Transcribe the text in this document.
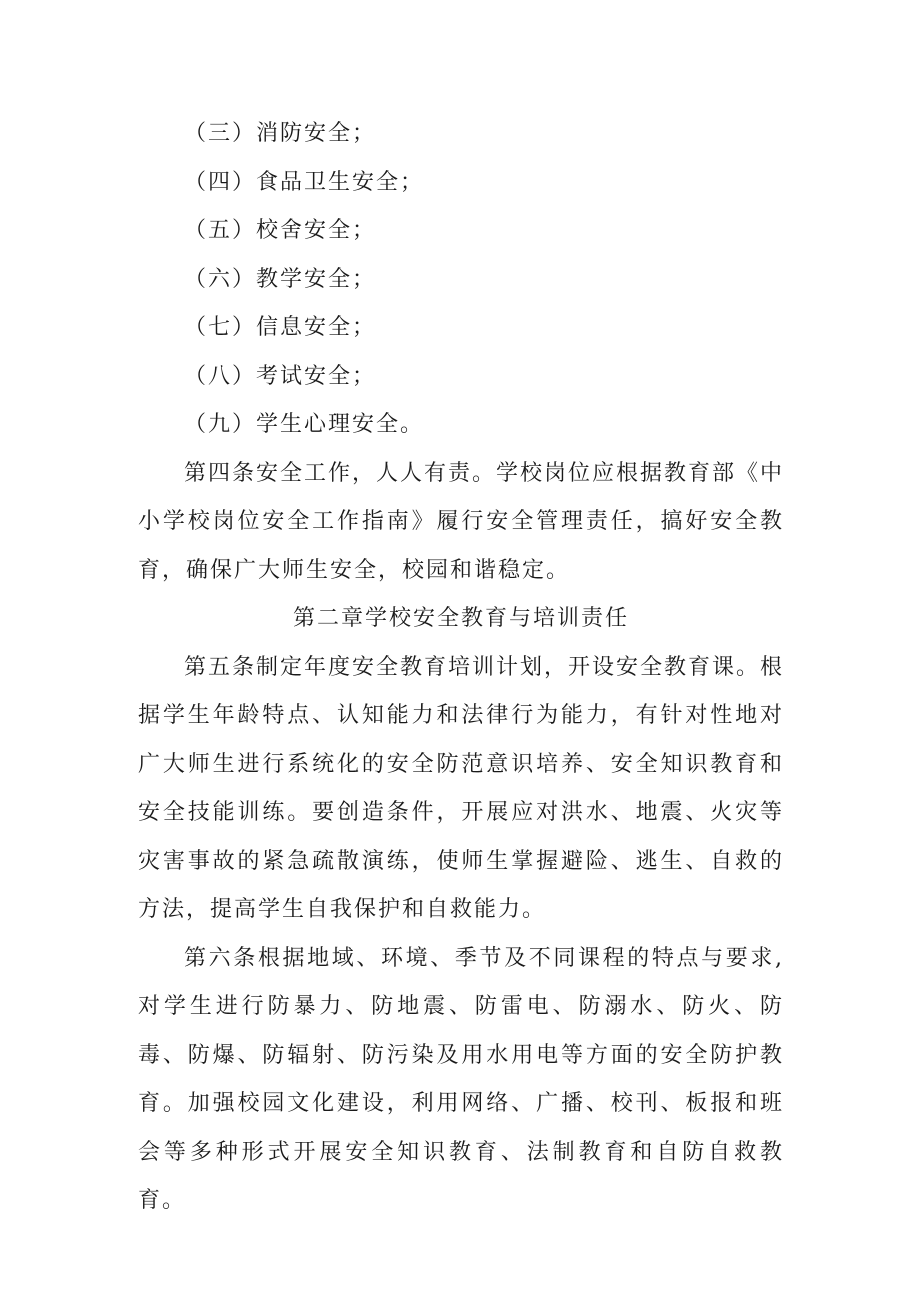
（三）消防安全；

（四）食品卫生安全；

（五）校舍安全；

（六）教学安全；

（七）信息安全；

（八）考试安全；

（九）学生心理安全。

第四条安全工作，人人有责。学校岗位应根据教育部《中小学校岗位安全工作指南》履行安全管理责任，搞好安全教育，确保广大师生安全，校园和谐稳定。

第二章学校安全教育与培训责任

第五条制定年度安全教育培训计划，开设安全教育课。根据学生年龄特点、认知能力和法律行为能力，有针对性地对广大师生进行系统化的安全防范意识培养、安全知识教育和安全技能训练。要创造条件，开展应对洪水、地震、火灾等灾害事故的紧急疏散演练，使师生掌握避险、逃生、自救的方法，提高学生自我保护和自救能力。

第六条根据地域、环境、季节及不同课程的特点与要求,对学生进行防暴力、防地震、防雷电、防溺水、防火、防毒、防爆、防辐射、防污染及用水用电等方面的安全防护教育。加强校园文化建设，利用网络、广播、校刊、板报和班会等多种形式开展安全知识教育、法制教育和自防自救教育。
